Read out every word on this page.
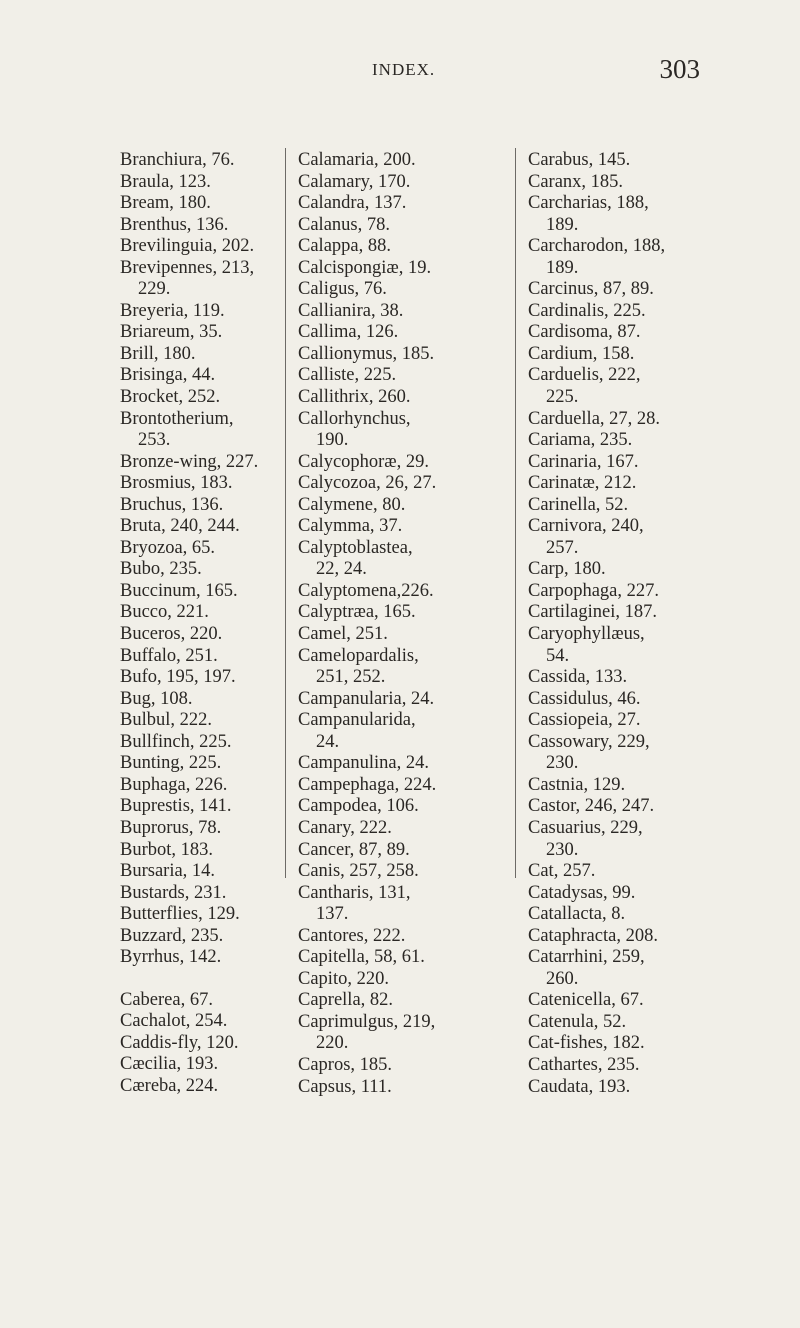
INDEX.	303
Branchiura, 76.
Braula, 123.
Bream, 180.
Brenthus, 136.
Brevilinguia, 202.
Brevipennes, 213,
229.
Breyeria, 119.
Briareum, 35.
Brill, 180.
Brisinga, 44.
Brocket, 252.
Brontotherium,
253.
Bronze-wing, 227.
Brosmius, 183.
Bruchus, 136.
Bruta, 240, 244.
Bryozoa, 65.
Bubo, 235.
Buccinum, 165.
Bucco, 221.
Buceros, 220.
Buffalo, 251.
Bufo, 195, 197.
Bug, 108.
Bulbul, 222.
Bullfinch, 225.
Bunting, 225.
Buphaga, 226.
Buprestis, 141.
Buprorus, 78.
Burbot, 183.
Bursaria, 14.
Bustards, 231.
Butterflies, 129.
Buzzard, 235.
Byrrhus, 142.
Caberea, 67.
Cachalot, 254.
Caddis-fly, 120.
Cæcilia, 193.
Cæreba, 224.
Calamaria, 200.
Calamary, 170.
Calandra, 137.
Calanus, 78.
Calappa, 88.
Calcispongiæ, 19.
Caligus, 76.
Callianira, 38.
Callima, 126.
Callionymus, 185.
Calliste, 225.
Callithrix, 260.
Callorhynchus,
190.
Calycophoræ, 29.
Calycozoa, 26, 27.
Calymene, 80.
Calymma, 37.
Calyptoblastea,
22, 24.
Calyptomena,226.
Calyptræa, 165.
Camel, 251.
Camelopardalis,
251, 252.
Campanularia, 24.
Campanularida,
24.
Campanulina, 24.
Campephaga, 224.
Campodea, 106.
Canary, 222.
Cancer, 87, 89.
Canis, 257, 258.
Cantharis, 131,
137.
Cantores, 222.
Capitella, 58, 61.
Capito, 220.
Caprella, 82.
Caprimulgus, 219,
220.
Capros, 185.
Capsus, 111.
Carabus, 145.
Caranx, 185.
Carcharias, 188,
189.
Carcharodon, 188,
189.
Carcinus, 87, 89.
Cardinalis, 225.
Cardisoma, 87.
Cardium, 158.
Carduelis, 222,
225.
Carduella, 27, 28.
Cariama, 235.
Carinaria, 167.
Carinatæ, 212.
Carinella, 52.
Carnivora, 240,
257.
Carp, 180.
Carpophaga, 227.
Cartilaginei, 187.
Caryophyllæus,
54.
Cassida, 133.
Cassidulus, 46.
Cassiopeia, 27.
Cassowary, 229,
230.
Castnia, 129.
Castor, 246, 247.
Casuarius, 229,
230.
Cat, 257.
Catadysas, 99.
Catallacta, 8.
Cataphracta, 208.
Catarrhini, 259,
260.
Catenicella, 67.
Catenula, 52.
Cat-fishes, 182.
Cathartes, 235.
Caudata, 193.
